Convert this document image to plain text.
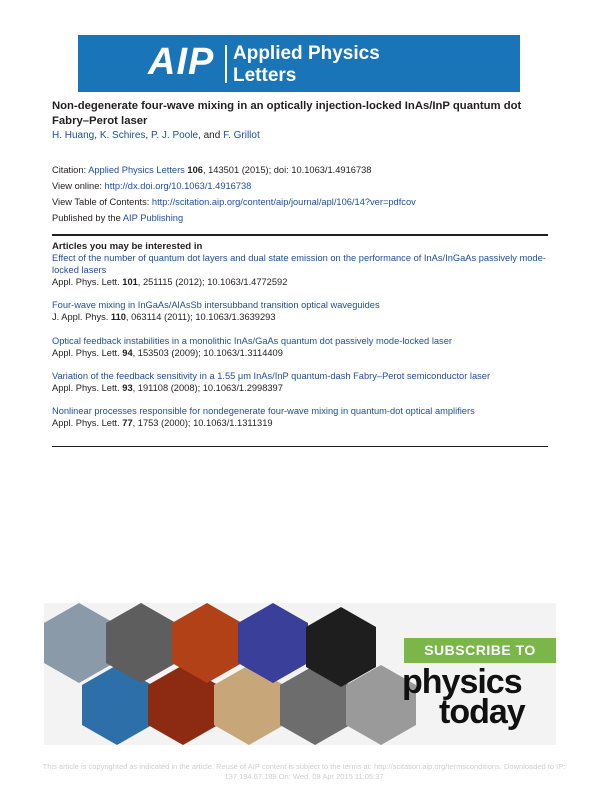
AIP Applied Physics
Letters
Non-degenerate four-wave mixing in an optically injection-locked InAs/InP quantum dot Fabry–Perot laser
H. Huang, K. Schires, P. J. Poole, and F. Grillot
Citation: Applied Physics Letters 106, 143501 (2015); doi: 10.1063/1.4916738
View online: http://dx.doi.org/10.1063/1.4916738
View Table of Contents: http://scitation.aip.org/content/aip/journal/apl/106/14?ver=pdfcov
Published by the AIP Publishing
Articles you may be interested in
Effect of the number of quantum dot layers and dual state emission on the performance of InAs/InGaAs passively mode-locked lasers
Appl. Phys. Lett. 101, 251115 (2012); 10.1063/1.4772592
Four-wave mixing in InGaAs/AlAsSb intersubband transition optical waveguides
J. Appl. Phys. 110, 063114 (2011); 10.1063/1.3639293
Optical feedback instabilities in a monolithic InAs/GaAs quantum dot passively mode-locked laser
Appl. Phys. Lett. 94, 153503 (2009); 10.1063/1.3114409
Variation of the feedback sensitivity in a 1.55 μm InAs/InP quantum-dash Fabry–Perot semiconductor laser
Appl. Phys. Lett. 93, 191108 (2008); 10.1063/1.2998397
Nonlinear processes responsible for nondegenerate four-wave mixing in quantum-dot optical amplifiers
Appl. Phys. Lett. 77, 1753 (2000); 10.1063/1.1311319
SUBSCRIBE TO
physics
today
This article is copyrighted as indicated in the article. Reuse of AIP content is subject to the terms at: http://scitation.aip.org/termsconditions. Downloaded to IP:
137.194.67.189 On: Wed, 08 Apr 2015 11:05:37
